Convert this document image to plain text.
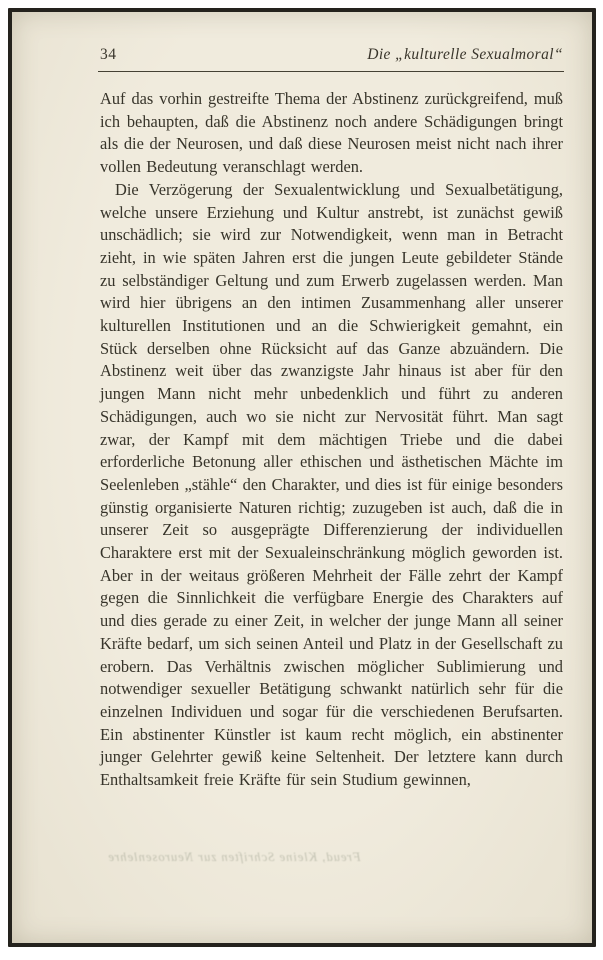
34	Die „kulturelle Sexualmoral“

Auf das vorhin gestreifte Thema der Abstinenz zurückgreifend, muß ich behaupten, daß die Abstinenz noch andere Schädigungen bringt als die der Neurosen, und daß diese Neurosen meist nicht nach ihrer vollen Bedeutung veranschlagt werden.

Die Verzögerung der Sexualentwicklung und Sexualbetätigung, welche unsere Erziehung und Kultur anstrebt, ist zunächst gewiß unschädlich; sie wird zur Notwendigkeit, wenn man in Betracht zieht, in wie späten Jahren erst die jungen Leute gebildeter Stände zu selbständiger Geltung und zum Erwerb zugelassen werden. Man wird hier übrigens an den intimen Zusammenhang aller unserer kulturellen Institutionen und an die Schwierigkeit gemahnt, ein Stück derselben ohne Rücksicht auf das Ganze abzuändern. Die Abstinenz weit über das zwanzigste Jahr hinaus ist aber für den jungen Mann nicht mehr unbedenklich und führt zu anderen Schädigungen, auch wo sie nicht zur Nervosität führt. Man sagt zwar, der Kampf mit dem mächtigen Triebe und die dabei erforderliche Betonung aller ethischen und ästhetischen Mächte im Seelenleben „stähle“ den Charakter, und dies ist für einige besonders günstig organisierte Naturen richtig; zuzugeben ist auch, daß die in unserer Zeit so ausgeprägte Differenzierung der individuellen Charaktere erst mit der Sexualeinschränkung möglich geworden ist. Aber in der weitaus größeren Mehrheit der Fälle zehrt der Kampf gegen die Sinnlichkeit die verfügbare Energie des Charakters auf und dies gerade zu einer Zeit, in welcher der junge Mann all seiner Kräfte bedarf, um sich seinen Anteil und Platz in der Gesellschaft zu erobern. Das Verhältnis zwischen möglicher Sublimierung und notwendiger sexueller Betätigung schwankt natürlich sehr für die einzelnen Individuen und sogar für die verschiedenen Berufsarten. Ein abstinenter Künstler ist kaum recht möglich, ein abstinenter junger Gelehrter gewiß keine Seltenheit. Der letztere kann durch Enthaltsamkeit freie Kräfte für sein Studium gewinnen,

Freud, Kleine Schriften zur Neurosenlehre
